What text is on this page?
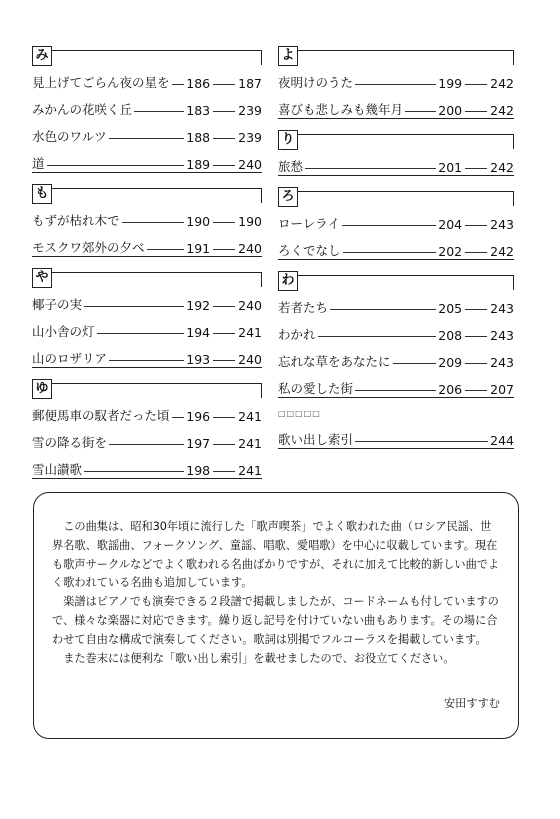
み
見上げてごらん夜の星を 186 187
みかんの花咲く丘	183 239
水色のワルツ	188 239
道	189 240
も
もずが枯れ木で	190 190
モスクワ郊外の夕べ	191 240
や
椰子の実	192 240
山小舎の灯	194 241
山のロザリア	193 240
ゆ
郵便馬車の馭者だった頃 196 241
雪の降る街を	197 241
雪山讃歌	198 241
よ
夜明けのうた	199 242
喜びも悲しみも幾年月	200 242
り
旅愁	201 242
ろ
ローレライ	204 243
ろくでなし	202 242
わ
若者たち	205 243
わかれ	208 243
忘れな草をあなたに	209 243
私の愛した街	206 207
□□□□□
歌い出し索引	244

この曲集は、昭和30年頃に流行した「歌声喫茶」でよく歌われた曲（ロシア民謡、世界名歌、歌謡曲、フォークソング、童謡、唱歌、愛唱歌）を中心に収載しています。現在も歌声サークルなどでよく歌われる名曲ばかりですが、それに加えて比較的新しい曲でよく歌われている名曲も追加しています。

楽譜はピアノでも演奏できる２段譜で掲載しましたが、コードネームも付していますので、様々な楽器に対応できます。繰り返し記号を付けていない曲もあります。その場に合わせて自由な構成で演奏してください。歌詞は別掲でフルコーラスを掲載しています。

また巻末には便利な「歌い出し索引」を載せましたので、お役立てください。

安田すすむ
